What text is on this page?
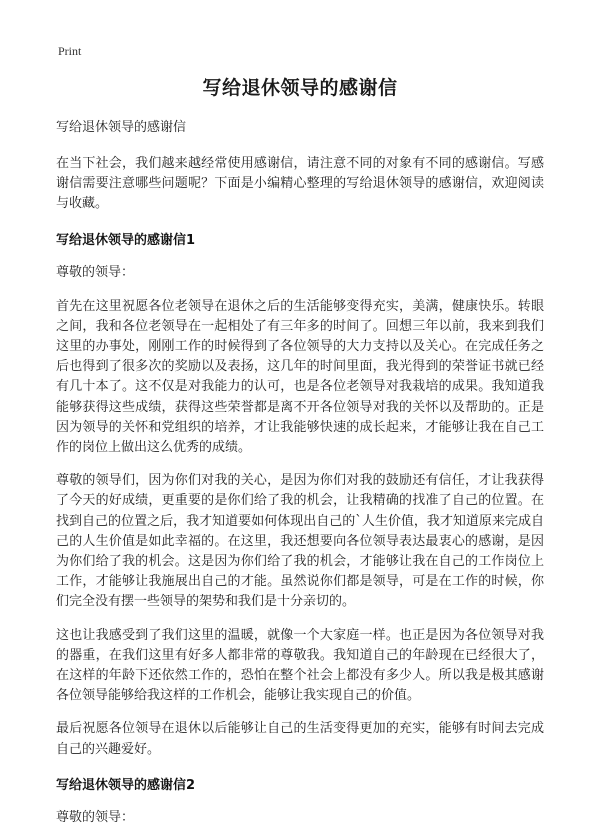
Print
写给退休领导的感谢信

写给退休领导的感谢信

在当下社会，我们越来越经常使用感谢信，请注意不同的对象有不同的感谢信。写感谢信需要注意哪些问题呢？下面是小编精心整理的写给退休领导的感谢信，欢迎阅读与收藏。

写给退休领导的感谢信1

尊敬的领导：

首先在这里祝愿各位老领导在退休之后的生活能够变得充实，美满，健康快乐。转眼之间，我和各位老领导在一起相处了有三年多的时间了。回想三年以前，我来到我们这里的办事处，刚刚工作的时候得到了各位领导的大力支持以及关心。在完成任务之后也得到了很多次的奖励以及表扬，这几年的时间里面，我光得到的荣誉证书就已经有几十本了。这不仅是对我能力的认可，也是各位老领导对我栽培的成果。我知道我能够获得这些成绩，获得这些荣誉都是离不开各位领导对我的关怀以及帮助的。正是因为领导的关怀和党组织的培养，才让我能够快速的成长起来，才能够让我在自己工作的岗位上做出这么优秀的成绩。

尊敬的领导们，因为你们对我的关心，是因为你们对我的鼓励还有信任，才让我获得了今天的好成绩，更重要的是你们给了我的机会，让我精确的找准了自己的位置。在找到自己的位置之后，我才知道要如何体现出自己的`人生价值，我才知道原来完成自己的人生价值是如此幸福的。在这里，我还想要向各位领导表达最衷心的感谢，是因为你们给了我的机会。这是因为你们给了我的机会，才能够让我在自己的工作岗位上工作，才能够让我施展出自己的才能。虽然说你们都是领导，可是在工作的时候，你们完全没有摆一些领导的架势和我们是十分亲切的。

这也让我感受到了我们这里的温暖，就像一个大家庭一样。也正是因为各位领导对我的器重，在我们这里有好多人都非常的尊敬我。我知道自己的年龄现在已经很大了，在这样的年龄下还依然工作的，恐怕在整个社会上都没有多少人。所以我是极其感谢各位领导能够给我这样的工作机会，能够让我实现自己的价值。

最后祝愿各位领导在退休以后能够让自己的生活变得更加的充实，能够有时间去完成自己的兴趣爱好。

写给退休领导的感谢信2

尊敬的领导：
